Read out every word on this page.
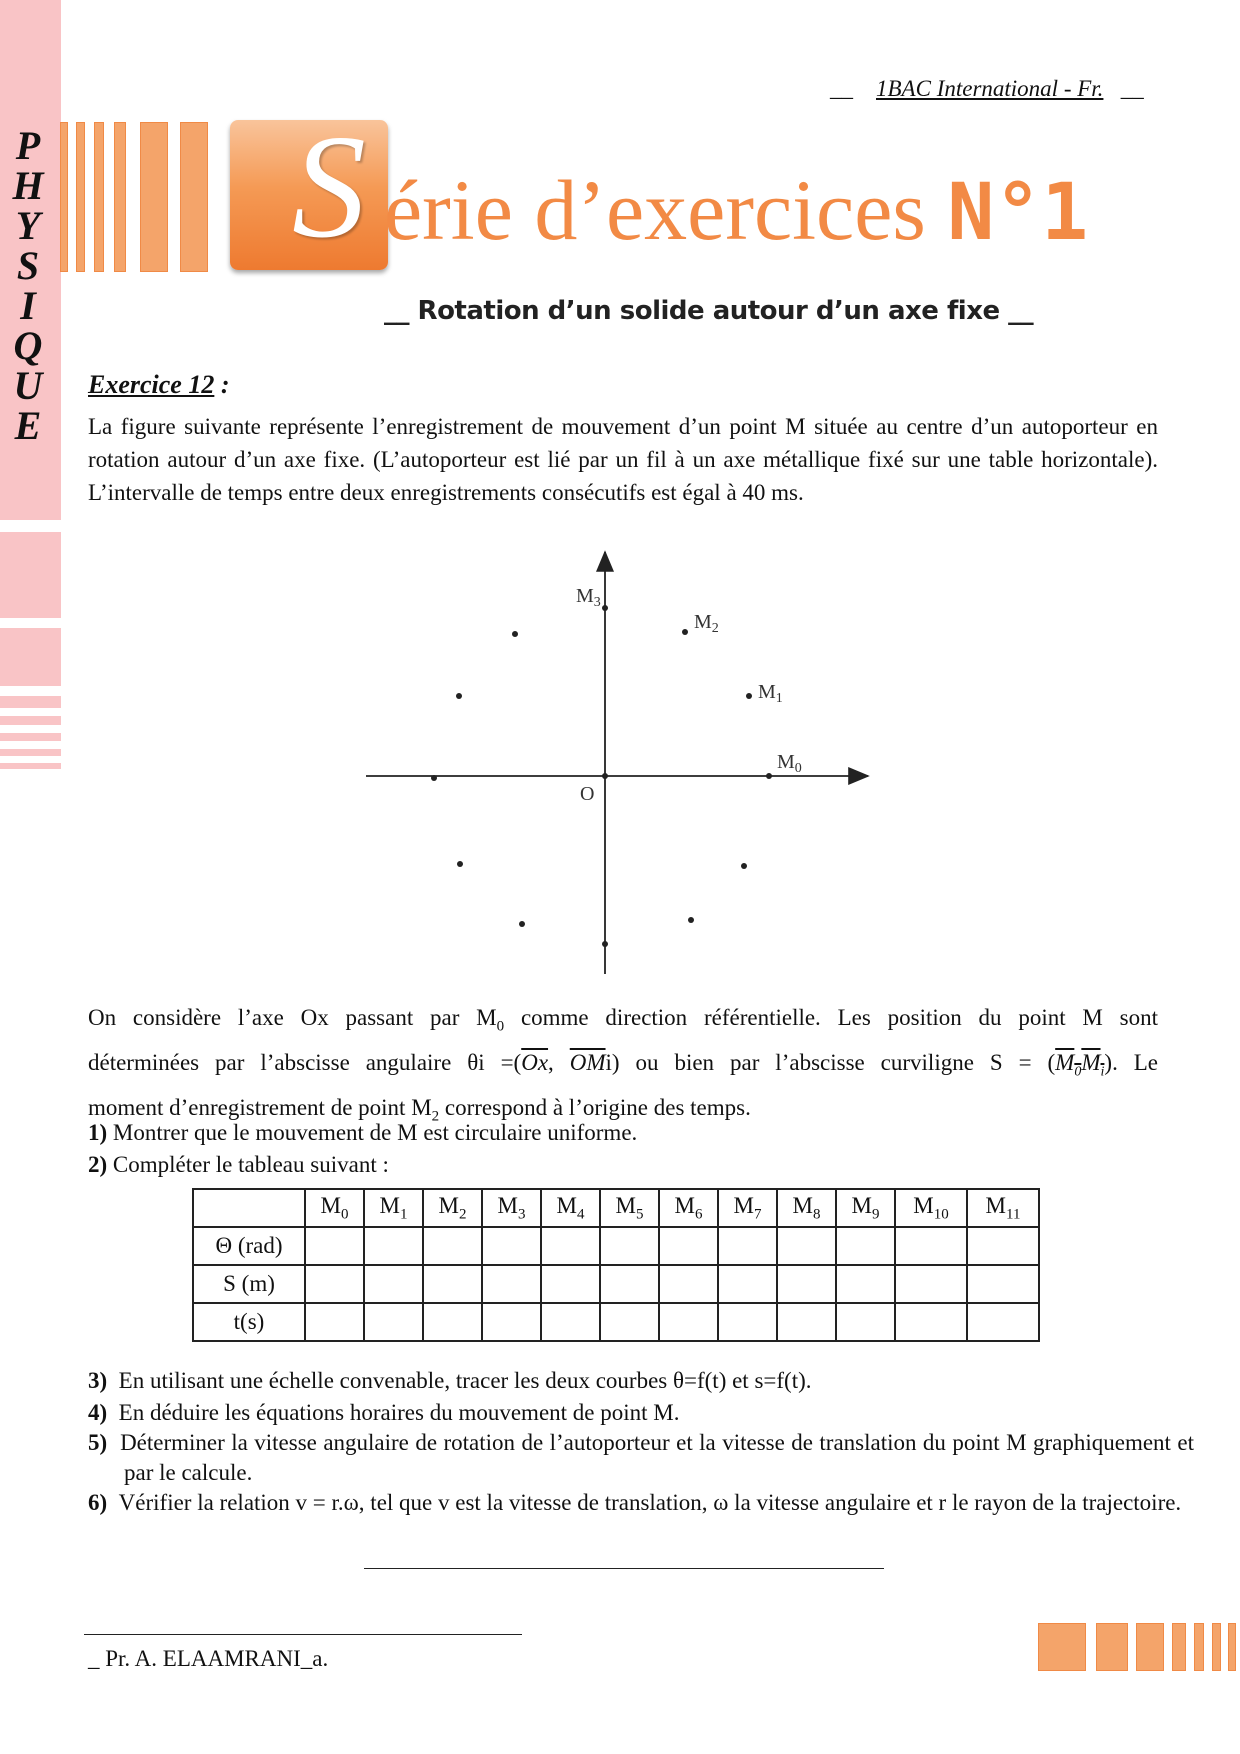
P
H
Y
S
I
Q
U
E
__ 1BAC International - Fr. __
S érie d’exercices N°1
__ Rotation d’un solide autour d’un axe fixe __
Exercice 12 :
La figure suivante représente l’enregistrement de mouvement d’un point M située au centre d’un autoporteur en rotation autour d’un axe fixe. (L’autoporteur est lié par un fil à un axe métallique fixé sur une table horizontale). L’intervalle de temps entre deux enregistrements consécutifs est égal à 40 ms.
O
$M_0$
$M_1$
$M_2$
$M_3$
On considère l’axe Ox passant par $M_0$ comme direction référentielle. Les position du point M sont
déterminées par l’abscisse angulaire $\theta i =(\overline{Ox}$, $\overline{OM}i$) ou bien par l’abscisse curviligne $S = (M_0M_i)$. Le
moment d’enregistrement de point $M_2$ correspond à l’origine des temps.
1) Montrer que le mouvement de M est circulaire uniforme.
2) Compléter le tableau suivant :
	$M_0$	$M_1$	$M_2$	$M_3$	$M_4$	$M_5$	$M_6$	$M_7$	$M_8$	$M_9$	$M_{10}$	$M_{11}$
Θ (rad)												
S (m)												
t(s)												
3) En utilisant une échelle convenable, tracer les deux courbes θ=f(t) et s=f(t).
4) En déduire les équations horaires du mouvement de point M.
5) Déterminer la vitesse angulaire de rotation de l’autoporteur et la vitesse de translation du point M graphiquement et par le calcule.
6) Vérifier la relation v = r.ω, tel que v est la vitesse de translation, ω la vitesse angulaire et r le rayon de la trajectoire.
_ Pr. A. ELAAMRANI_a.
